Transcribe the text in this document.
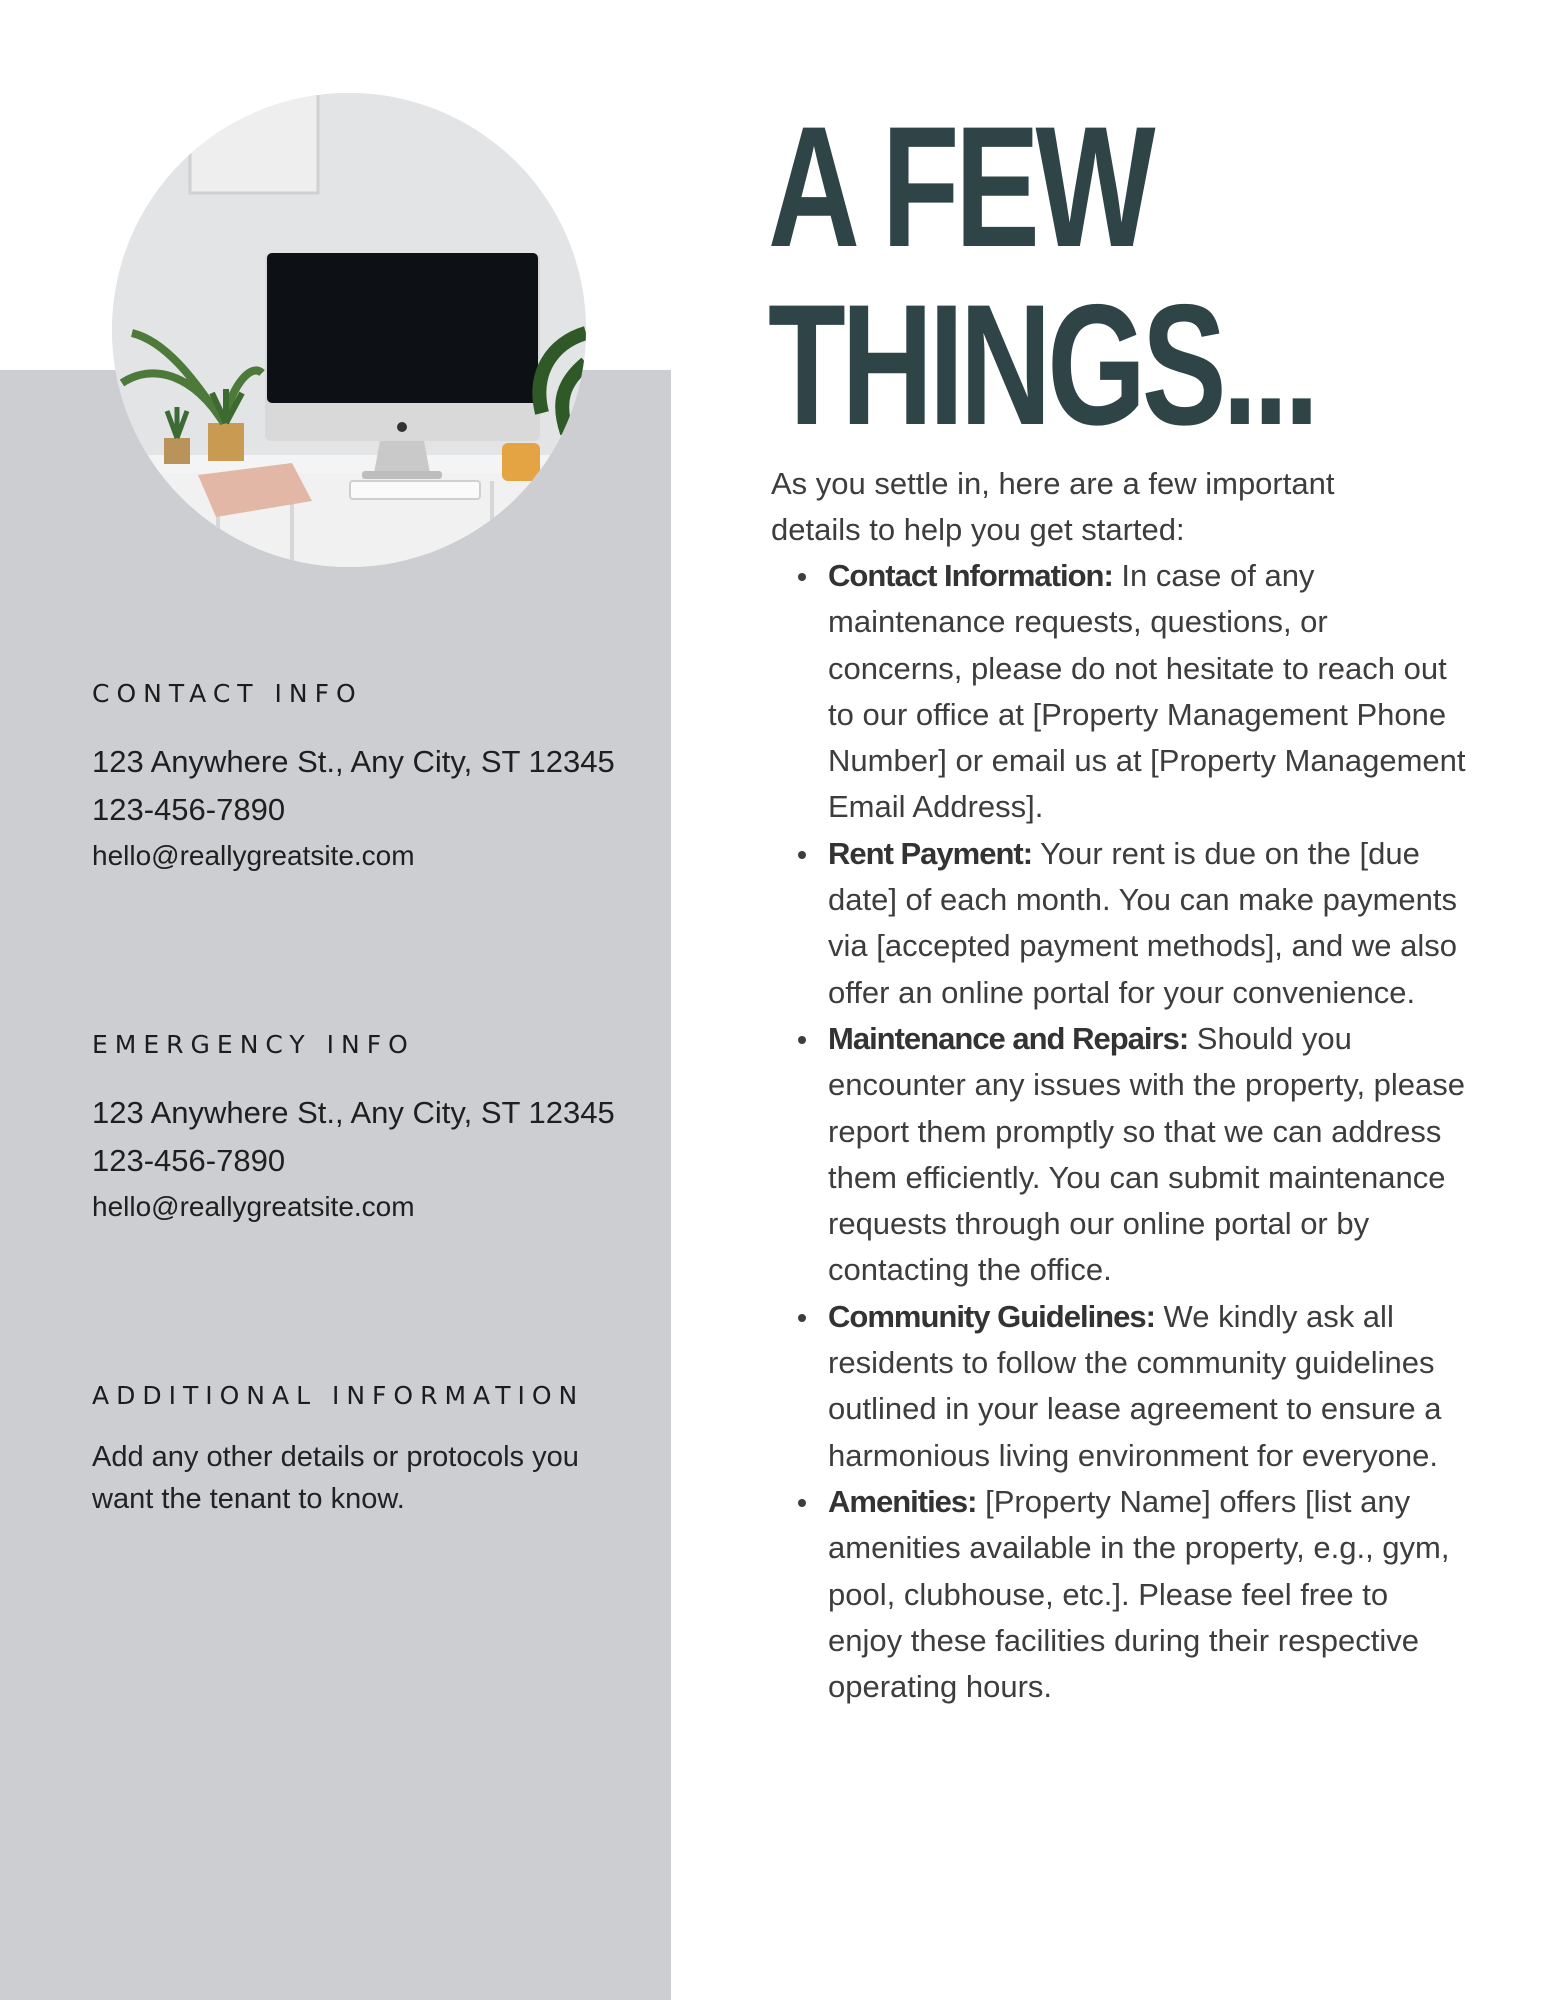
A FEW
THINGS...

As you settle in, here are a few important details to help you get started:

Contact Information: In case of any maintenance requests, questions, or concerns, please do not hesitate to reach out to our office at [Property Management Phone Number] or email us at [Property Management Email Address].
Rent Payment: Your rent is due on the [due date] of each month. You can make payments via [accepted payment methods], and we also offer an online portal for your convenience.
Maintenance and Repairs: Should you encounter any issues with the property, please report them promptly so that we can address them efficiently. You can submit maintenance requests through our online portal or by contacting the office.
Community Guidelines: We kindly ask all residents to follow the community guidelines outlined in your lease agreement to ensure a harmonious living environment for everyone.
Amenities: [Property Name] offers [list any amenities available in the property, e.g., gym, pool, clubhouse, etc.]. Please feel free to enjoy these facilities during their respective operating hours.
CONTACT INFO

123 Anywhere St., Any City, ST 12345

123-456-7890

hello@reallygreatsite.com

EMERGENCY INFO

123 Anywhere St., Any City, ST 12345

123-456-7890

hello@reallygreatsite.com

ADDITIONAL INFORMATION

Add any other details or protocols you want the tenant to know.
